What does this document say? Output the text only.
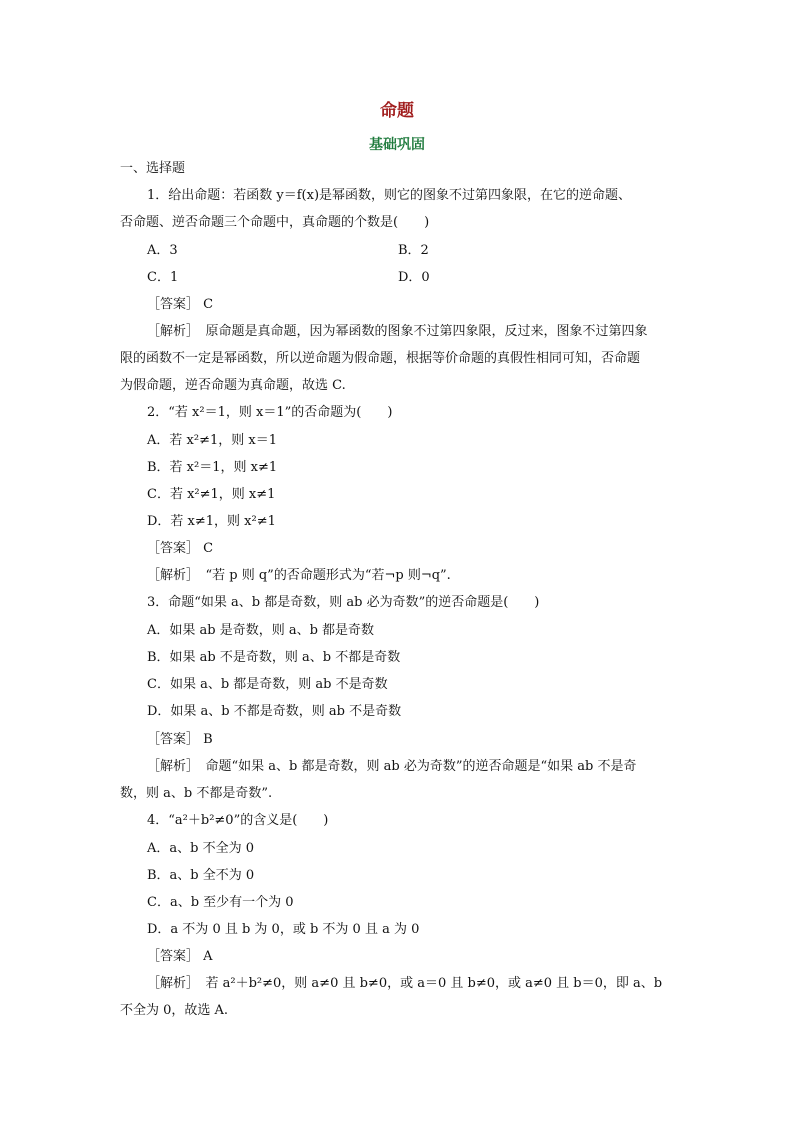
命题
基础巩固
一、选择题
1．给出命题：若函数 y＝f(x)是幂函数，则它的图象不过第四象限，在它的逆命题、
否命题、逆否命题三个命题中，真命题的个数是(　　)
A．3	B．2
C．1	D．0
［答案］ C
［解析］　原命题是真命题，因为幂函数的图象不过第四象限，反过来，图象不过第四象
限的函数不一定是幂函数，所以逆命题为假命题，根据等价命题的真假性相同可知，否命题
为假命题，逆否命题为真命题，故选 C.
2．“若 x²＝1，则 x＝1”的否命题为(　　)
A．若 x²≠1，则 x＝1
B．若 x²＝1，则 x≠1
C．若 x²≠1，则 x≠1
D．若 x≠1，则 x²≠1
［答案］ C
［解析］　“若 p 则 q”的否命题形式为“若¬p 则¬q”.
3．命题“如果 a、b 都是奇数，则 ab 必为奇数”的逆否命题是(　　)
A．如果 ab 是奇数，则 a、b 都是奇数
B．如果 ab 不是奇数，则 a、b 不都是奇数
C．如果 a、b 都是奇数，则 ab 不是奇数
D．如果 a、b 不都是奇数，则 ab 不是奇数
［答案］ B
［解析］　命题“如果 a、b 都是奇数，则 ab 必为奇数”的逆否命题是“如果 ab 不是奇
数，则 a、b 不都是奇数”.
4．“a²＋b²≠0”的含义是(　　)
A．a、b 不全为 0
B．a、b 全不为 0
C．a、b 至少有一个为 0
D．a 不为 0 且 b 为 0，或 b 不为 0 且 a 为 0
［答案］ A
［解析］　若 a²＋b²≠0，则 a≠0 且 b≠0，或 a＝0 且 b≠0，或 a≠0 且 b＝0，即 a、b
不全为 0，故选 A.
